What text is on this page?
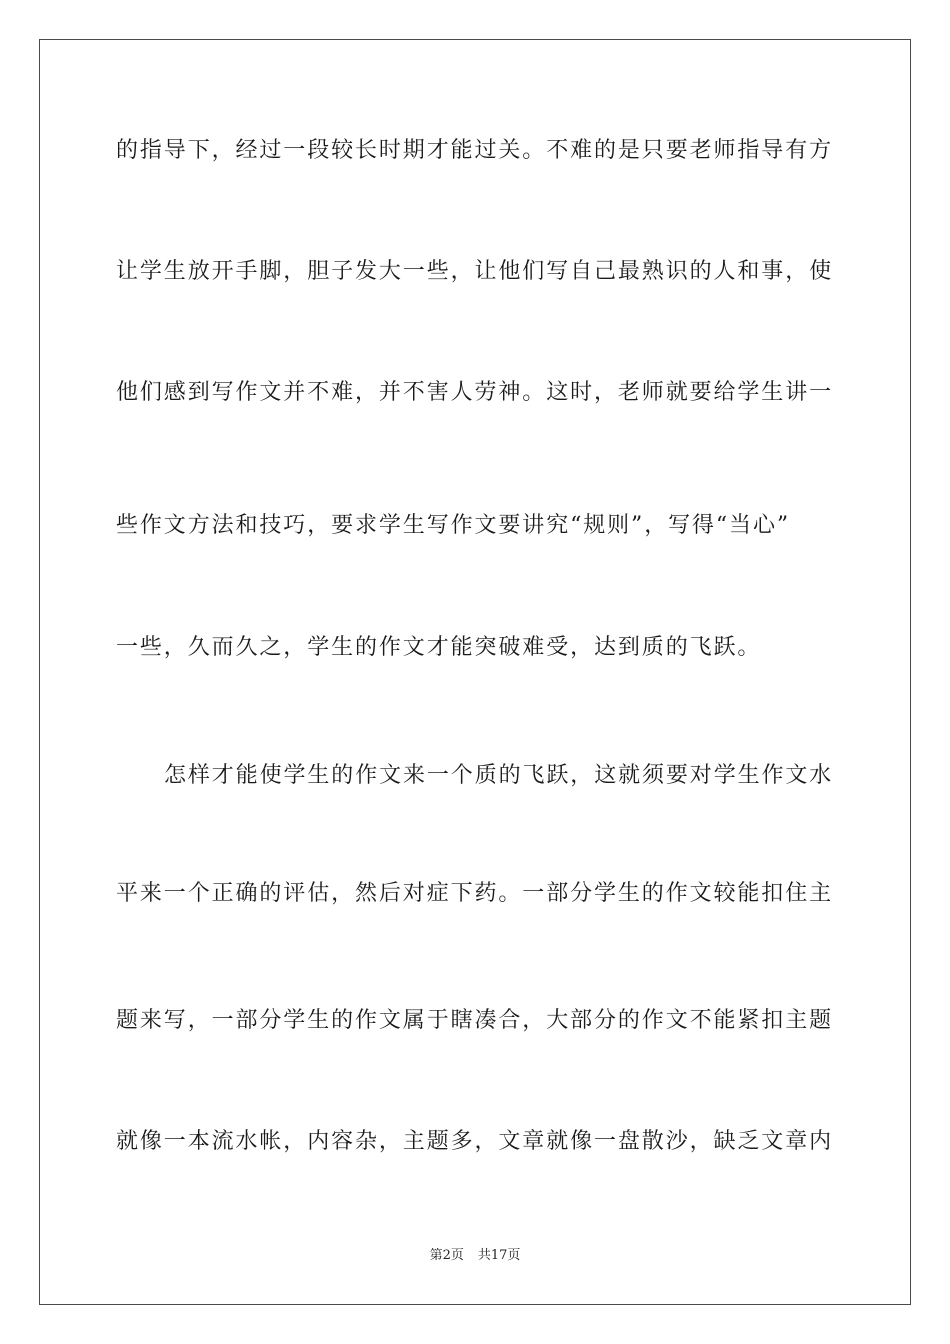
的指导下，经过一段较长时期才能过关。不难的是只要老师指导有方
让学生放开手脚，胆子发大一些，让他们写自己最熟识的人和事，使
他们感到写作文并不难，并不害人劳神。这时，老师就要给学生讲一
些作文方法和技巧，要求学生写作文要讲究“规则”，写得“当心”
一些，久而久之，学生的作文才能突破难受，达到质的飞跃。
怎样才能使学生的作文来一个质的飞跃，这就须要对学生作文水
平来一个正确的评估，然后对症下药。一部分学生的作文较能扣住主
题来写，一部分学生的作文属于瞎凑合，大部分的作文不能紧扣主题
就像一本流水帐，内容杂，主题多，文章就像一盘散沙，缺乏文章内
第2页 共17页
